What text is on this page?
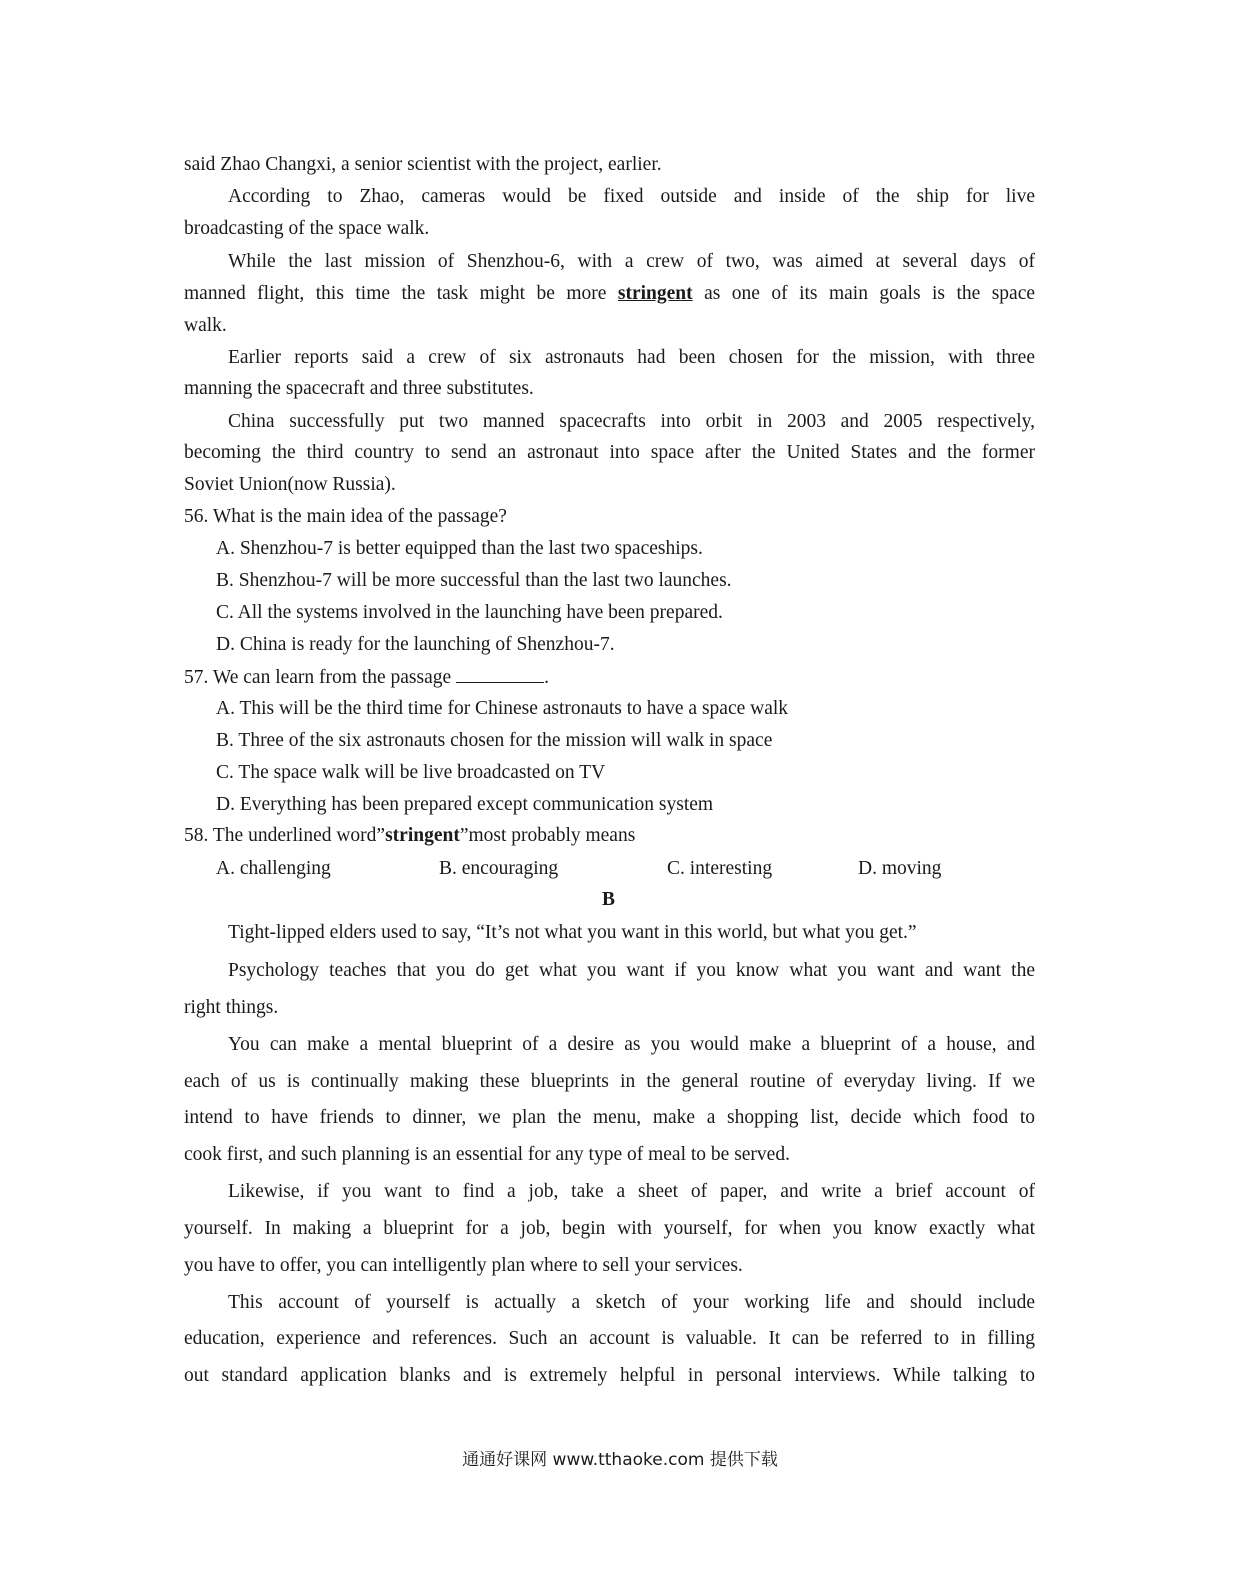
said Zhao Changxi, a senior scientist with the project, earlier.
According to Zhao, cameras would be fixed outside and inside of the ship for live
broadcasting of the space walk.
While the last mission of Shenzhou-6, with a crew of two, was aimed at several days of
manned flight, this time the task might be more stringent as one of its main goals is the space
walk.
Earlier reports said a crew of six astronauts had been chosen for the mission, with three
manning the spacecraft and three substitutes.
China successfully put two manned spacecrafts into orbit in 2003 and 2005 respectively,
becoming the third country to send an astronaut into space after the United States and the former
Soviet Union(now Russia).
56. What is the main idea of the passage?
A. Shenzhou-7 is better equipped than the last two spaceships.
B. Shenzhou-7 will be more successful than the last two launches.
C. All the systems involved in the launching have been prepared.
D. China is ready for the launching of Shenzhou-7.
57. We can learn from the passage	.
A. This will be the third time for Chinese astronauts to have a space walk
B. Three of the six astronauts chosen for the mission will walk in space
C. The space walk will be live broadcasted on TV
D. Everything has been prepared except communication system
58. The underlined word”stringent”most probably means
A. challenging	B. encouraging	C. interesting	D. moving
B
Tight-lipped elders used to say, “It’s not what you want in this world, but what you get.”
Psychology teaches that you do get what you want if you know what you want and want the
right things.
You can make a mental blueprint of a desire as you would make a blueprint of a house, and
each of us is continually making these blueprints in the general routine of everyday living. If we
intend to have friends to dinner, we plan the menu, make a shopping list, decide which food to
cook first, and such planning is an essential for any type of meal to be served.
Likewise, if you want to find a job, take a sheet of paper, and write a brief account of
yourself. In making a blueprint for a job, begin with yourself, for when you know exactly what
you have to offer, you can intelligently plan where to sell your services.
This account of yourself is actually a sketch of your working life and should include
education, experience and references. Such an account is valuable. It can be referred to in filling
out standard application blanks and is extremely helpful in personal interviews. While talking to
通通好课网 www.tthaoke.com 提供下载
